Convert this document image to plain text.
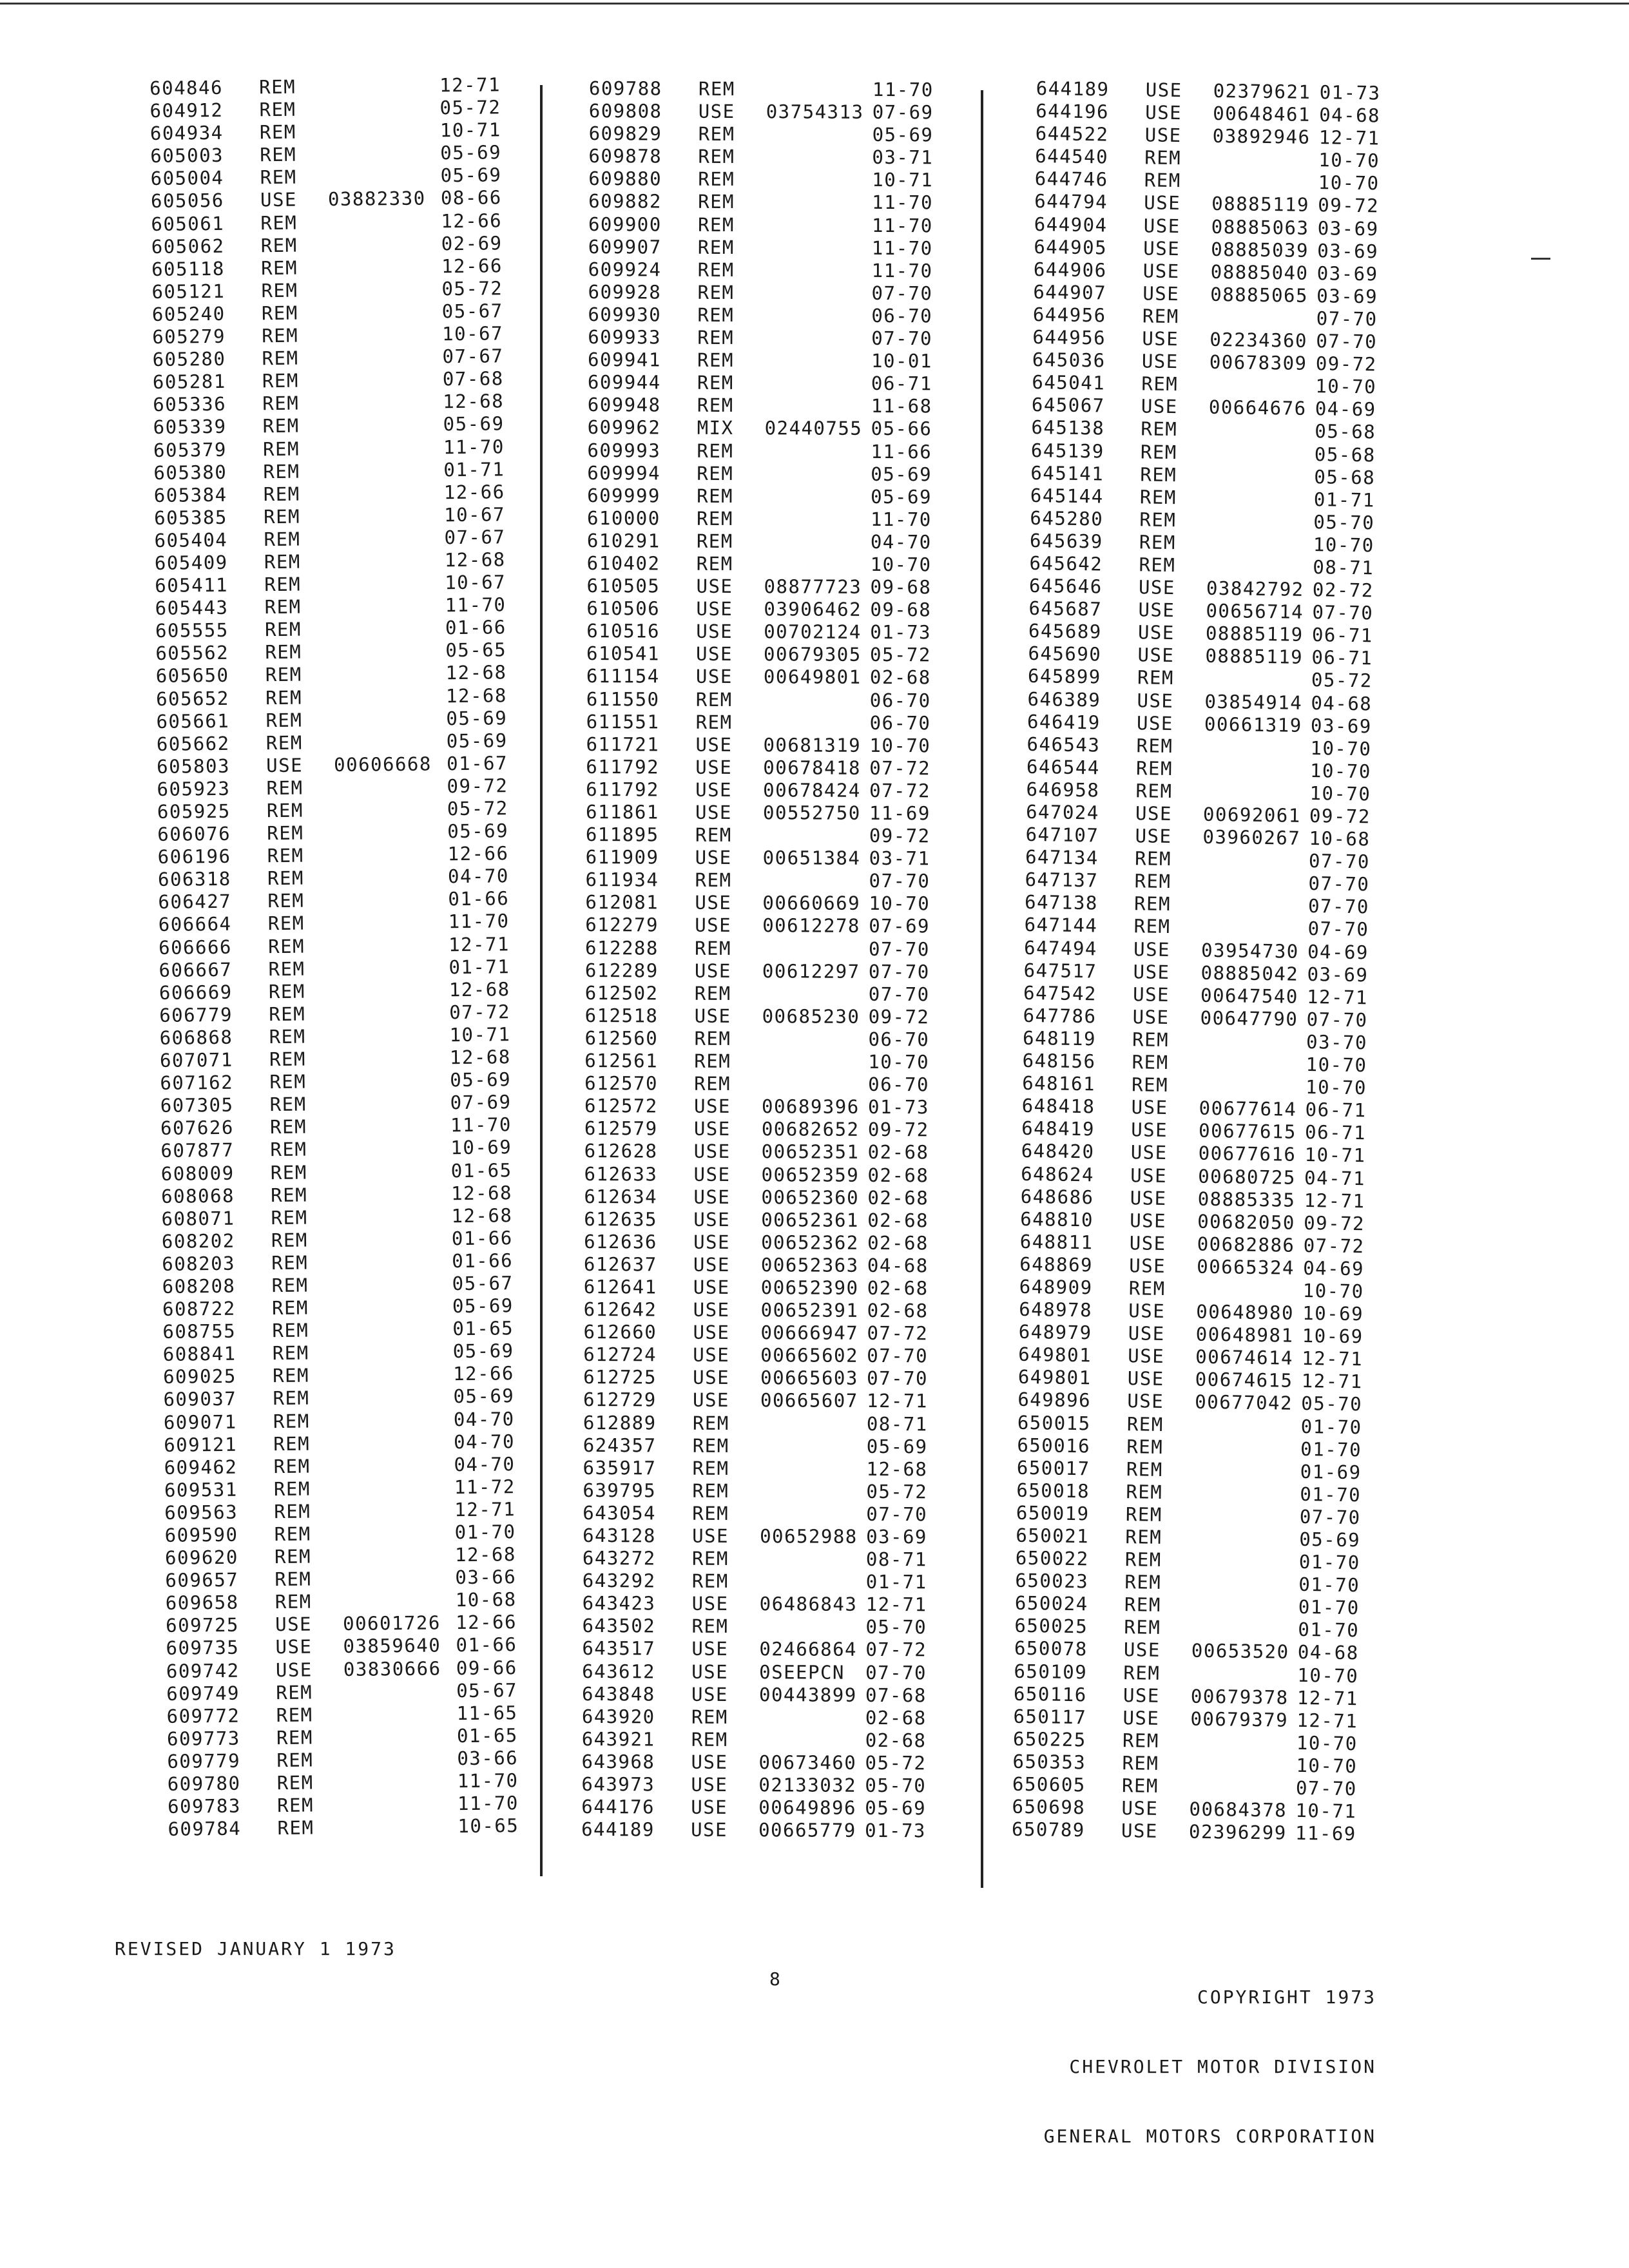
604846 REM	12-71
604912 REM	05-72
604934 REM	10-71
605003 REM	05-69
605004 REM	05-69
605056 USE 03882330 08-66
605061 REM	12-66
605062 REM	02-69
605118 REM	12-66
605121 REM	05-72
605240 REM	05-67
605279 REM	10-67
605280 REM	07-67
605281 REM	07-68
605336 REM	12-68
605339 REM	05-69
605379 REM	11-70
605380 REM	01-71
605384 REM	12-66
605385 REM	10-67
605404 REM	07-67
605409 REM	12-68
605411 REM	10-67
605443 REM	11-70
605555 REM	01-66
605562 REM	05-65
605650 REM	12-68
605652 REM	12-68
605661 REM	05-69
605662 REM	05-69
605803 USE 00606668 01-67
605923 REM	09-72
605925 REM	05-72
606076 REM	05-69
606196 REM	12-66
606318 REM	04-70
606427 REM	01-66
606664 REM	11-70
606666 REM	12-71
606667 REM	01-71
606669 REM	12-68
606779 REM	07-72
606868 REM	10-71
607071 REM	12-68
607162 REM	05-69
607305 REM	07-69
607626 REM	11-70
607877 REM	10-69
608009 REM	01-65
608068 REM	12-68
608071 REM	12-68
608202 REM	01-66
608203 REM	01-66
608208 REM	05-67
608722 REM	05-69
608755 REM	01-65
608841 REM	05-69
609025 REM	12-66
609037 REM	05-69
609071 REM	04-70
609121 REM	04-70
609462 REM	04-70
609531 REM	11-72
609563 REM	12-71
609590 REM	01-70
609620 REM	12-68
609657 REM	03-66
609658 REM	10-68
609725 USE 00601726 12-66
609735 USE 03859640 01-66
609742 USE 03830666 09-66
609749 REM	05-67
609772 REM	11-65
609773 REM	01-65
609779 REM	03-66
609780 REM	11-70
609783 REM	11-70
609784 REM	10-65
609788 REM	11-70
609808 USE 03754313 07-69
609829 REM	05-69
609878 REM	03-71
609880 REM	10-71
609882 REM	11-70
609900 REM	11-70
609907 REM	11-70
609924 REM	11-70
609928 REM	07-70
609930 REM	06-70
609933 REM	07-70
609941 REM	10-01
609944 REM	06-71
609948 REM	11-68
609962 MIX 02440755 05-66
609993 REM	11-66
609994 REM	05-69
609999 REM	05-69
610000 REM	11-70
610291 REM	04-70
610402 REM	10-70
610505 USE 08877723 09-68
610506 USE 03906462 09-68
610516 USE 00702124 01-73
610541 USE 00679305 05-72
611154 USE 00649801 02-68
611550 REM	06-70
611551 REM	06-70
611721 USE 00681319 10-70
611792 USE 00678418 07-72
611792 USE 00678424 07-72
611861 USE 00552750 11-69
611895 REM	09-72
611909 USE 00651384 03-71
611934 REM	07-70
612081 USE 00660669 10-70
612279 USE 00612278 07-69
612288 REM	07-70
612289 USE 00612297 07-70
612502 REM	07-70
612518 USE 00685230 09-72
612560 REM	06-70
612561 REM	10-70
612570 REM	06-70
612572 USE 00689396 01-73
612579 USE 00682652 09-72
612628 USE 00652351 02-68
612633 USE 00652359 02-68
612634 USE 00652360 02-68
612635 USE 00652361 02-68
612636 USE 00652362 02-68
612637 USE 00652363 04-68
612641 USE 00652390 02-68
612642 USE 00652391 02-68
612660 USE 00666947 07-72
612724 USE 00665602 07-70
612725 USE 00665603 07-70
612729 USE 00665607 12-71
612889 REM	08-71
624357 REM	05-69
635917 REM	12-68
639795 REM	05-72
643054 REM	07-70
643128 USE 00652988 03-69
643272 REM	08-71
643292 REM	01-71
643423 USE 06486843 12-71
643502 REM	05-70
643517 USE 02466864 07-72
643612 USE 0SEEPCN 07-70
643848 USE 00443899 07-68
643920 REM	02-68
643921 REM	02-68
643968 USE 00673460 05-72
643973 USE 02133032 05-70
644176 USE 00649896 05-69
644189 USE 00665779 01-73
644189 USE 02379621 01-73
644196 USE 00648461 04-68
644522 USE 03892946 12-71
644540 REM	10-70
644746 REM	10-70
644794 USE 08885119 09-72
644904 USE 08885063 03-69
644905 USE 08885039 03-69
644906 USE 08885040 03-69
644907 USE 08885065 03-69
644956 REM	07-70
644956 USE 02234360 07-70
645036 USE 00678309 09-72
645041 REM	10-70
645067 USE 00664676 04-69
645138 REM	05-68
645139 REM	05-68
645141 REM	05-68
645144 REM	01-71
645280 REM	05-70
645639 REM	10-70
645642 REM	08-71
645646 USE 03842792 02-72
645687 USE 00656714 07-70
645689 USE 08885119 06-71
645690 USE 08885119 06-71
645899 REM	05-72
646389 USE 03854914 04-68
646419 USE 00661319 03-69
646543 REM	10-70
646544 REM	10-70
646958 REM	10-70
647024 USE 00692061 09-72
647107 USE 03960267 10-68
647134 REM	07-70
647137 REM	07-70
647138 REM	07-70
647144 REM	07-70
647494 USE 03954730 04-69
647517 USE 08885042 03-69
647542 USE 00647540 12-71
647786 USE 00647790 07-70
648119 REM	03-70
648156 REM	10-70
648161 REM	10-70
648418 USE 00677614 06-71
648419 USE 00677615 06-71
648420 USE 00677616 10-71
648624 USE 00680725 04-71
648686 USE 08885335 12-71
648810 USE 00682050 09-72
648811 USE 00682886 07-72
648869 USE 00665324 04-69
648909 REM	10-70
648978 USE 00648980 10-69
648979 USE 00648981 10-69
649801 USE 00674614 12-71
649801 USE 00674615 12-71
649896 USE 00677042 05-70
650015 REM	01-70
650016 REM	01-70
650017 REM	01-69
650018 REM	01-70
650019 REM	07-70
650021 REM	05-69
650022 REM	01-70
650023 REM	01-70
650024 REM	01-70
650025 REM	01-70
650078 USE 00653520 04-68
650109 REM	10-70
650116 USE 00679378 12-71
650117 USE 00679379 12-71
650225 REM	10-70
650353 REM	10-70
650605 REM	07-70
650698 USE 00684378 10-71
650789 USE 02396299 11-69
REVISED JANUARY 1 1973
8

COPYRIGHT 1973

CHEVROLET MOTOR DIVISION

GENERAL MOTORS CORPORATION
